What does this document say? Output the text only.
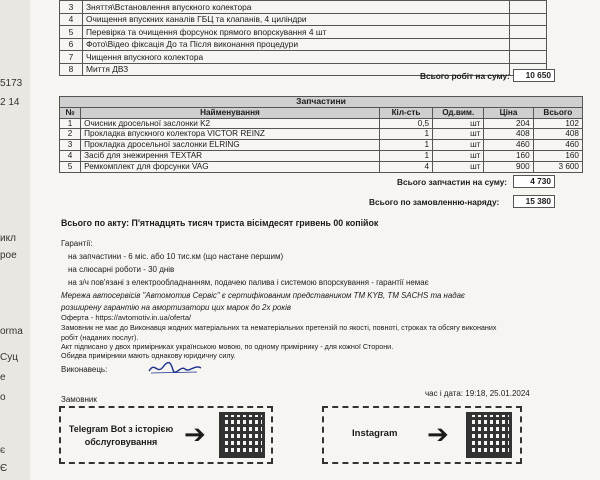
5173
2 14
икл
рое
orma
Суц
е
о
є
Є
3	Зняття\Встановлення впускного колектора	
4	Очищення впускних каналів ГБЦ та клапанів, 4 циліндри	
5	Перевірка та очищення форсунок прямого впорскування 4 шт	
6	Фото\Відео фіксація До та Після виконання процедури	
7	Чищення впускного колектора	
8	Миття ДВЗ	
Всього робіт на суму:	10 650
Запчастини					
№	Найменування	Кіл-сть	Од.вим.	Ціна	Всього
1	Очисник дросельної заслонки K2	0,5	шт	204	102
2	Прокладка впускного колектора VICTOR REINZ	1	шт	408	408
3	Прокладка дросельної заслонки ELRING	1	шт	460	460
4	Засіб для знежирення TEXTAR	1	шт	160	160
5	Ремкомплект для форсунки VAG	4	шт	900	3 600
Всього запчастин на суму:	4 730
Всього по замовленню-наряду:	15 380
Всього по акту: П'ятнадцять тисяч триста вісімдесят гривень 00 копійок
Гарантії:
на запчастини - 6 міс. або 10 тис.км (що настане першим)
на слюсарні роботи - 30 днів
на з/ч пов'язані з електрообладнанням, подачею палива і системою впорскування - гарантії немає
Мережа автосервісів "Автомотив Сервіс" є сертифікованим представником ТМ KYB, ТМ SACHS та надає
розширену гарантію на амортизатори цих марок до 2х років
Оферта - https://avtomotiv.in.ua/oferta/
Замовник не має до Виконавця жодних матеріальних та нематеріальних претензій по якості, повноті, строках та обсягу виконаних
робіт (наданих послуг).
Акт підписано у двох примірниках українською мовою, по одному примірнику - для кожної Сторони.
Обидва примірники мають однакову юридичну силу.
Виконавець:
Замовник
час і дата: 19:18, 25.01.2024
Telegram Bot з історією
обслуговування	➔	Instagram ➔
